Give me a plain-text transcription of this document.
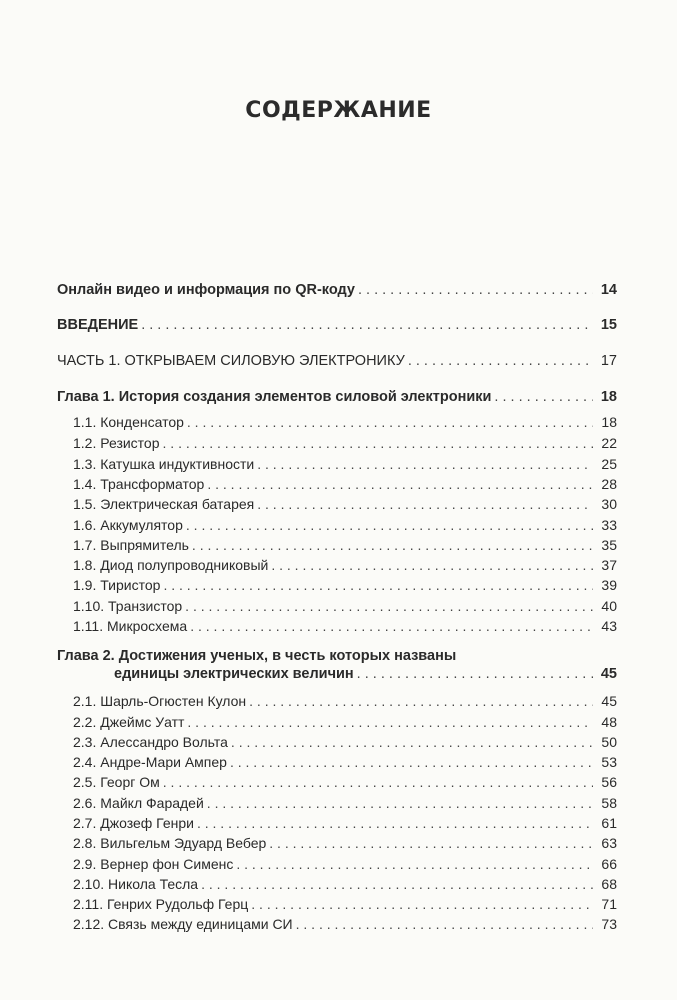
СОДЕРЖАНИЕ
Онлайн видео и информация по QR-коду . . .	14
ВВЕДЕНИЕ . . .	15
ЧАСТЬ 1. ОТКРЫВАЕМ СИЛОВУЮ ЭЛЕКТРОНИКУ . . .	17
Глава 1. История создания элементов силовой электроники . . .	18
1.1. Конденсатор . . .	18
1.2. Резистор . . .	22
1.3. Катушка индуктивности . . .	25
1.4. Трансформатор . . .	28
1.5. Электрическая батарея . . .	30
1.6. Аккумулятор . . .	33
1.7. Выпрямитель . . .	35
1.8. Диод полупроводниковый . . .	37
1.9. Тиристор . . .	39
1.10. Транзистор . . .	40
1.11. Микросхема . . .	43
Глава 2. Достижения ученых, в честь которых названы
единицы электрических величин . . .	45
2.1. Шарль-Огюстен Кулон . . .	45
2.2. Джеймс Уатт . . .	48
2.3. Алессандро Вольта . . .	50
2.4. Андре-Мари Ампер . . .	53
2.5. Георг Ом . . .	56
2.6. Майкл Фарадей . . .	58
2.7. Джозеф Генри . . .	61
2.8. Вильгельм Эдуард Вебер . . .	63
2.9. Вернер фон Сименс . . .	66
2.10. Никола Тесла . . .	68
2.11. Генрих Рудольф Герц . . .	71
2.12. Связь между единицами СИ . . .	73
